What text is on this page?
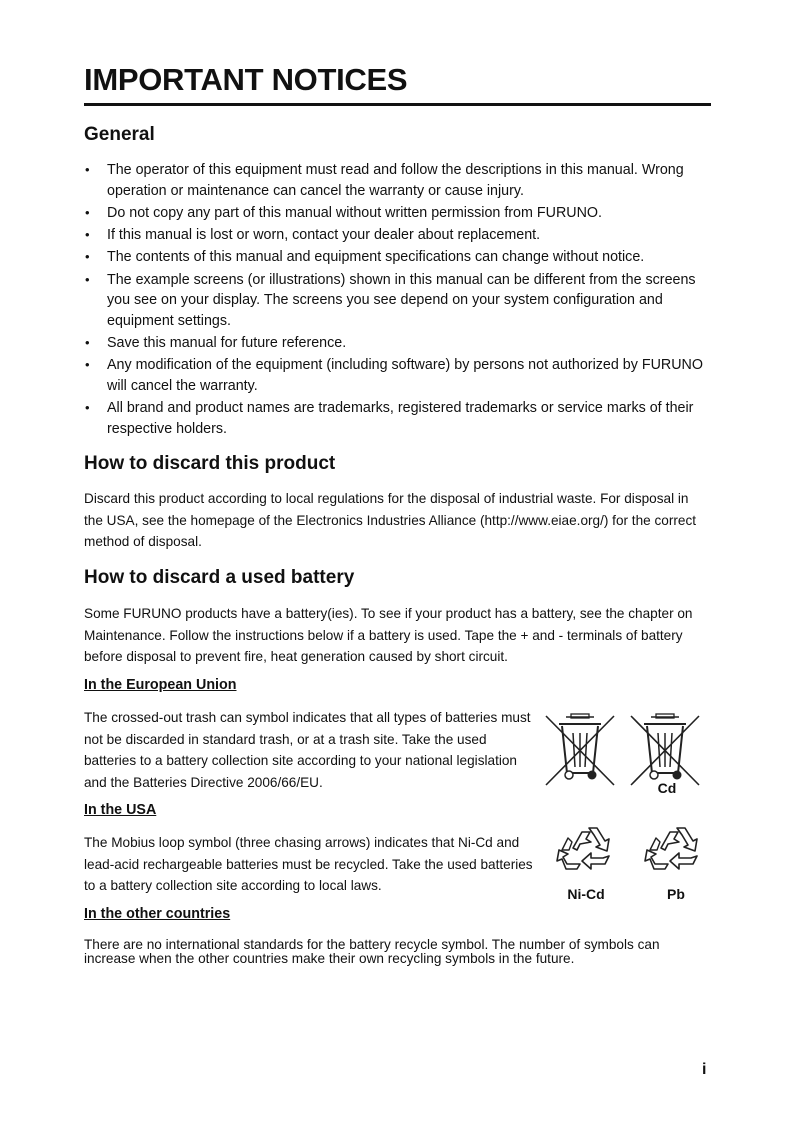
IMPORTANT NOTICES
General
• The operator of this equipment must read and follow the descriptions in this manual. Wrong operation or maintenance can cancel the warranty or cause injury.
• Do not copy any part of this manual without written permission from FURUNO.
• If this manual is lost or worn, contact your dealer about replacement.
• The contents of this manual and equipment specifications can change without notice.
• The example screens (or illustrations) shown in this manual can be different from the screens you see on your display. The screens you see depend on your system configuration and equipment settings.
• Save this manual for future reference.
• Any modification of the equipment (including software) by persons not authorized by FURUNO will cancel the warranty.
• All brand and product names are trademarks, registered trademarks or service marks of their respective holders.
How to discard this product

Discard this product according to local regulations for the disposal of industrial waste. For disposal in the USA, see the homepage of the Electronics Industries Alliance (http://www.eiae.org/) for the correct method of disposal.

How to discard a used battery

Some FURUNO products have a battery(ies). To see if your product has a battery, see the chapter on Maintenance. Follow the instructions below if a battery is used. Tape the + and - terminals of battery before disposal to prevent fire, heat generation caused by short circuit.

In the European Union

The crossed-out trash can symbol indicates that all types of batteries must not be discarded in standard trash, or at a trash site. Take the used batteries to a battery collection site according to your national legislation and the Batteries Directive 2006/66/EU.

In the USA

The Mobius loop symbol (three chasing arrows) indicates that Ni-Cd and lead-acid rechargeable batteries must be recycled. Take the used batteries to a battery collection site according to local laws.

In the other countries

There are no international standards for the battery recycle symbol. The number of symbols can increase when the other countries make their own recycling symbols in the future.

Cd
Ni-Cd	Pb
i
